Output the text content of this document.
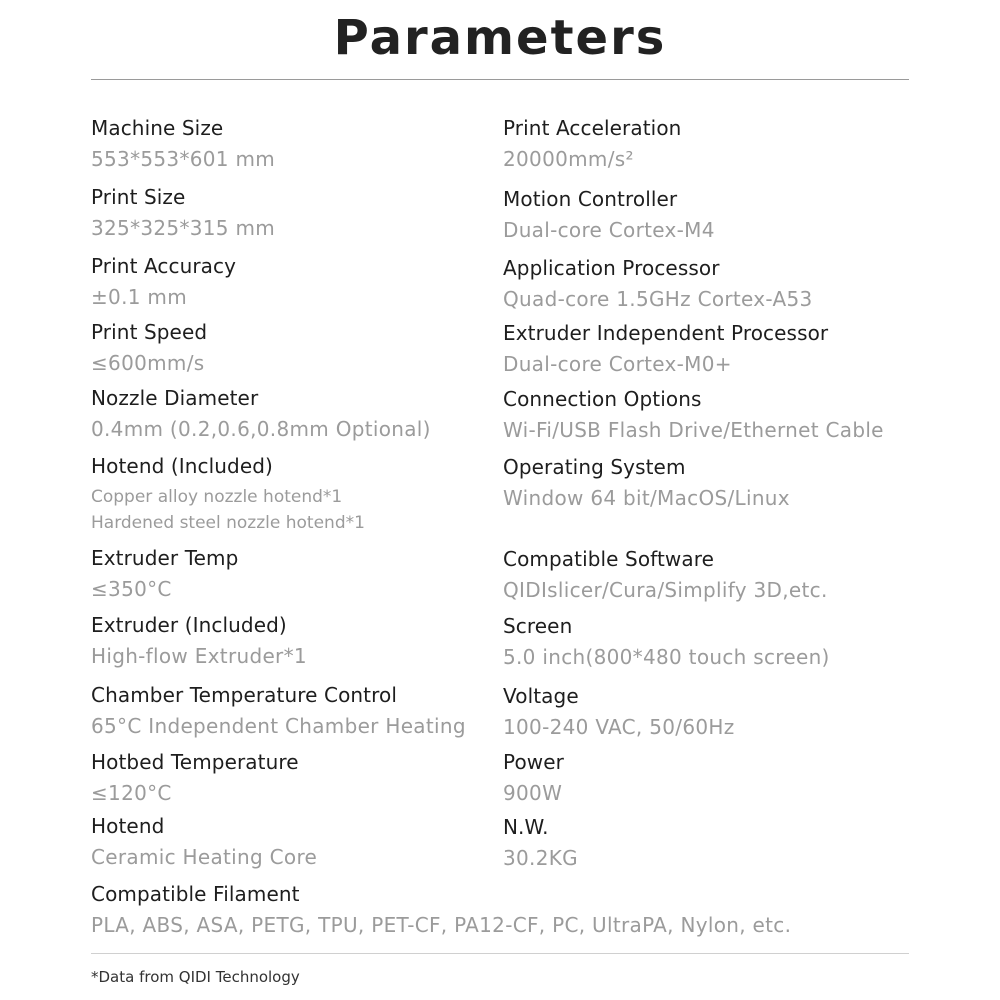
Parameters
Machine Size
553*553*601 mm
Print Size
325*325*315 mm
Print Accuracy
±0.1 mm
Print Speed
≤600mm/s
Nozzle Diameter
0.4mm (0.2,0.6,0.8mm Optional)
Hotend (Included)
Copper alloy nozzle hotend*1
Hardened steel nozzle hotend*1
Extruder Temp
≤350°C
Extruder (Included)
High-flow Extruder*1
Chamber Temperature Control
65°C Independent Chamber Heating
Hotbed Temperature
≤120°C
Hotend
Ceramic Heating Core
Compatible Filament
PLA, ABS, ASA, PETG, TPU, PET-CF, PA12-CF, PC, UltraPA, Nylon, etc.
Print Acceleration
20000mm/s²
Motion Controller
Dual-core Cortex-M4
Application Processor
Quad-core 1.5GHz Cortex-A53
Extruder Independent Processor
Dual-core Cortex-M0+
Connection Options
Wi-Fi/USB Flash Drive/Ethernet Cable
Operating System
Window 64 bit/MacOS/Linux
Compatible Software
QIDIslicer/Cura/Simplify 3D,etc.
Screen
5.0 inch(800*480 touch screen)
Voltage
100-240 VAC, 50/60Hz
Power
900W
N.W.
30.2KG
*Data from QIDI Technology
